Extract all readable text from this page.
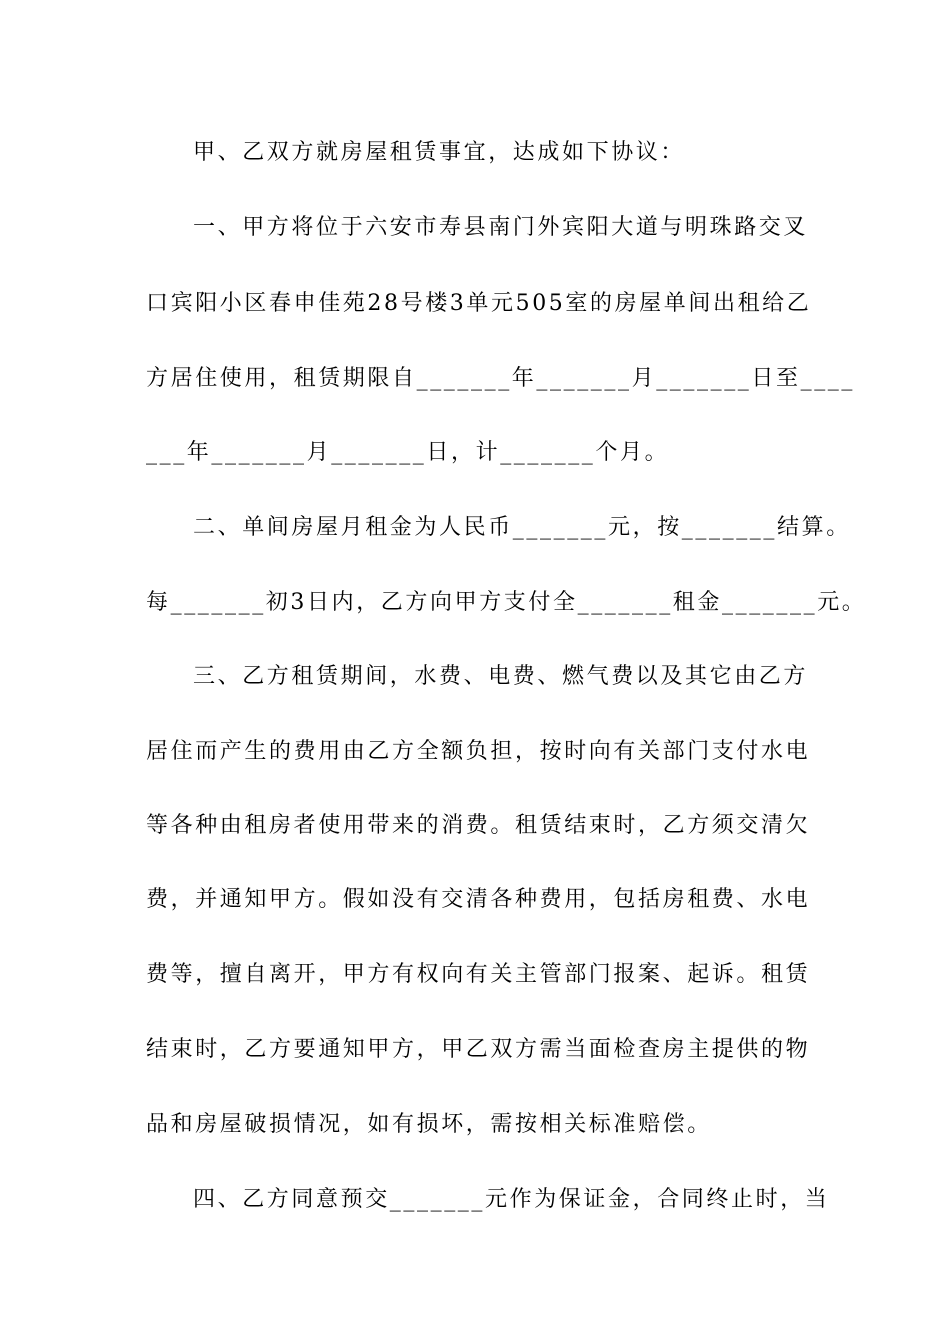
甲、乙双方就房屋租赁事宜，达成如下协议：
一、甲方将位于六安市寿县南门外宾阳大道与明珠路交叉
口宾阳小区春申佳苑28号楼3单元505室的房屋单间出租给乙
方居住使用，租赁期限自_______年_______月_______日至____
___年_______月_______日，计_______个月。
二、单间房屋月租金为人民币_______元，按_______结算。
每_______初3日内，乙方向甲方支付全_______租金_______元。
三、乙方租赁期间，水费、电费、燃气费以及其它由乙方
居住而产生的费用由乙方全额负担，按时向有关部门支付水电
等各种由租房者使用带来的消费。租赁结束时，乙方须交清欠
费，并通知甲方。假如没有交清各种费用，包括房租费、水电
费等，擅自离开，甲方有权向有关主管部门报案、起诉。租赁
结束时，乙方要通知甲方，甲乙双方需当面检查房主提供的物
品和房屋破损情况，如有损坏，需按相关标准赔偿。
四、乙方同意预交_______元作为保证金，合同终止时，当
